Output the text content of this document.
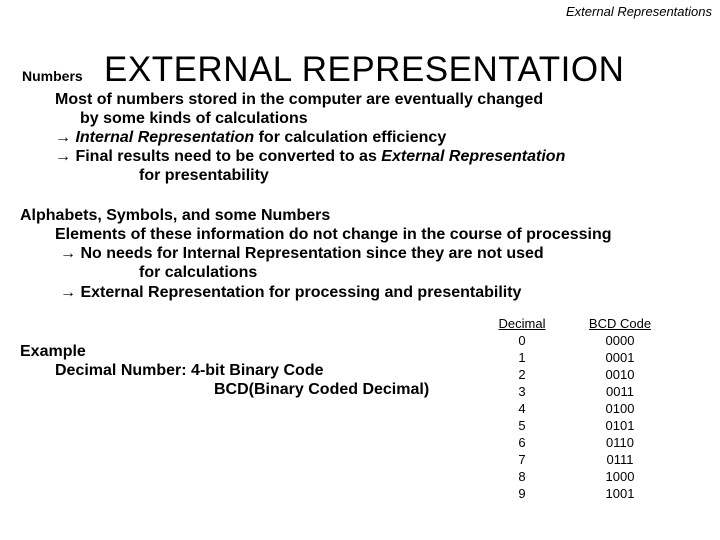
External Representations
Numbers EXTERNAL REPRESENTATION
Most of numbers stored in the computer are eventually changed
by some kinds of calculations
→ Internal Representation for calculation efficiency
→ Final results need to be converted to as External Representation
for presentability
Alphabets, Symbols, and some Numbers
Elements of these information do not change in the course of processing
→ No needs for Internal Representation since they are not used
for calculations
→ External Representation for processing and presentability
Example
Decimal Number: 4-bit Binary Code
BCD(Binary Coded Decimal)
Decimal
0
1
2
3
4
5
6
7
8
9
BCD Code
0000
0001
0010
0011
0100
0101
0110
0111
1000
1001
